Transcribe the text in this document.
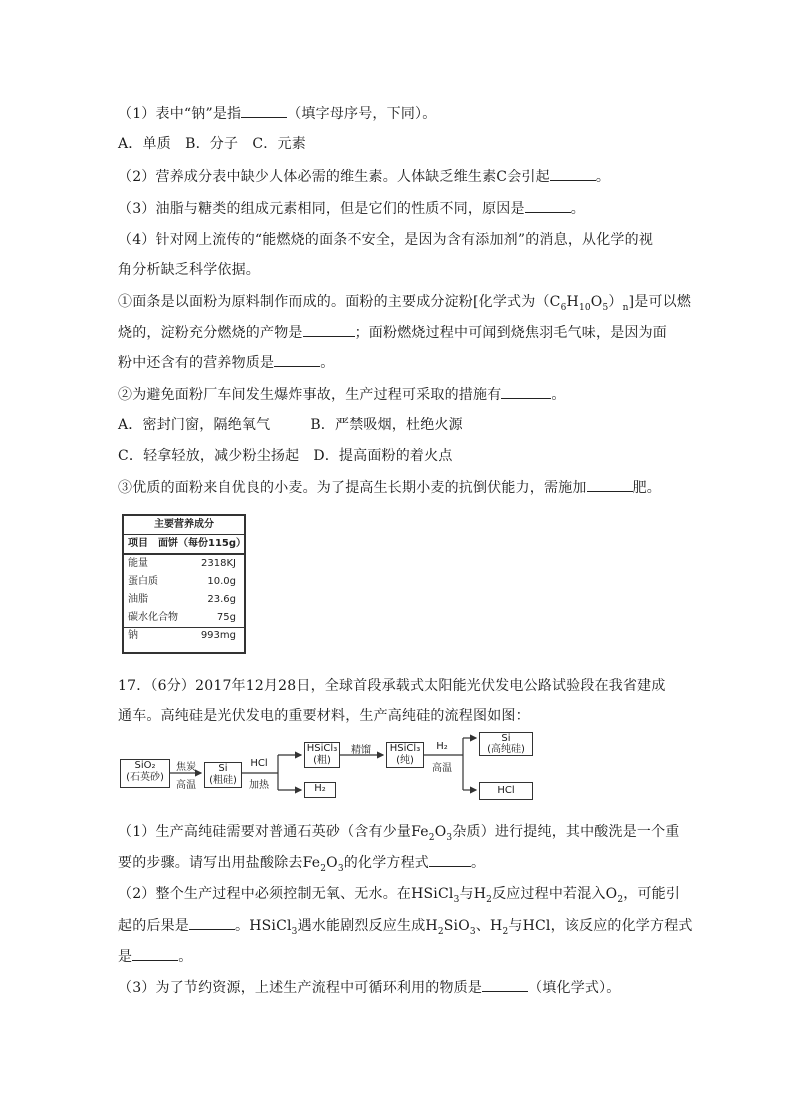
（1）表中“钠”是指	（填字母序号，下同）。
A．单质　B．分子　C．元素
（2）营养成分表中缺少人体必需的维生素。人体缺乏维生素C会引起	。
（3）油脂与糖类的组成元素相同，但是它们的性质不同，原因是	。
（4）针对网上流传的“能燃烧的面条不安全，是因为含有添加剂”的消息，从化学的视
角分析缺乏科学依据。
①面条是以面粉为原料制作而成的。面粉的主要成分淀粉[化学式为$(C_6H_{10}O_5)_n$]是可以燃
烧的，淀粉充分燃烧的产物是	；面粉燃烧过程中可闻到烧焦羽毛气味，是因为面
粉中还含有的营养物质是	。
②为避免面粉厂车间发生爆炸事故，生产过程可采取的措施有	。
A．密封门窗，隔绝氧气	B．严禁吸烟，杜绝火源
C．轻拿轻放，减少粉尘扬起 D．提高面粉的着火点
③优质的面粉来自优良的小麦。为了提高生长期小麦的抗倒伏能力，需施加	肥。
主要营养成分
项目　面饼（每份115g）
能量	2318KJ
蛋白质	10.0g
油脂	23.6g
碳水化合物	75g
钠	993mg
17．（6分）2017年12月28日，全球首段承载式太阳能光伏发电公路试验段在我省建成
通车。高纯硅是光伏发电的重要材料，生产高纯硅的流程图如图：
SiO₂
(石英砂)
焦炭
高温
Si
(粗硅)
HCl
加热
HSiCl₃
(粗)
H₂
精馏	HSiCl₃
(纯)
H₂
高温
Si
(高纯硅)
HCl
（1）生产高纯硅需要对普通石英砂（含有少量$Fe_2O_3$杂质）进行提纯，其中酸洗是一个重
要的步骤。请写出用盐酸除去$Fe_2O_3$的化学方程式	。
（2）整个生产过程中必须控制无氧、无水。在HSiCl$_3$与$H_2$反应过程中若混入$O_2$，可能引
起的后果是	。HSiCl$_3$遇水能剧烈反应生成$H_2SiO_3$、$H_2$与HCl，该反应的化学方程式
是	。
（3）为了节约资源，上述生产流程中可循环利用的物质是	（填化学式）。
